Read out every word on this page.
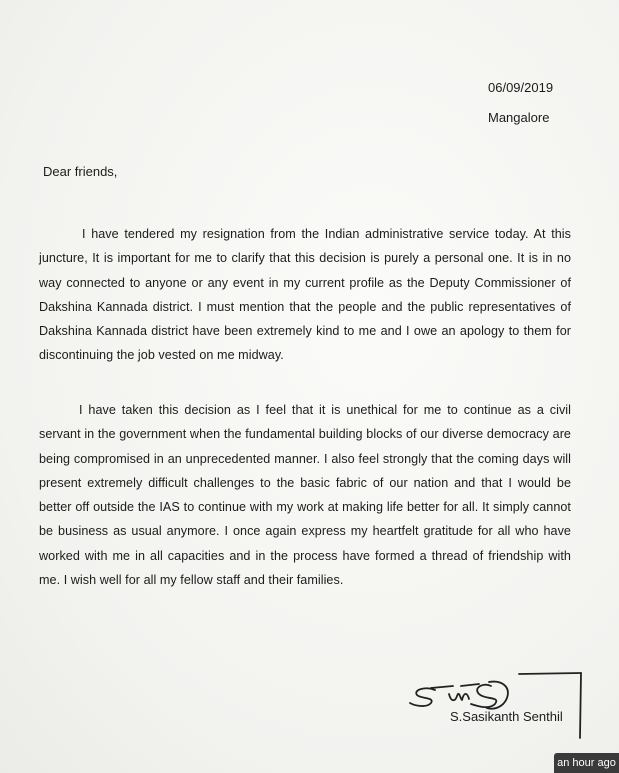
06/09/2019
Mangalore
Dear friends,

I have tendered my resignation from the Indian administrative service today. At this juncture, It is important for me to clarify that this decision is purely a personal one. It is in no way connected to anyone or any event in my current profile as the Deputy Commissioner of Dakshina Kannada district. I must mention that the people and the public representatives of Dakshina Kannada district have been extremely kind to me and I owe an apology to them for discontinuing the job vested on me midway.

I have taken this decision as I feel that it is unethical for me to continue as a civil servant in the government when the fundamental building blocks of our diverse democracy are being compromised in an unprecedented manner. I also feel strongly that the coming days will present extremely difficult challenges to the basic fabric of our nation and that I would be better off outside the IAS to continue with my work at making life better for all. It simply cannot be business as usual anymore. I once again express my heartfelt gratitude for all who have worked with me in all capacities and in the process have formed a thread of friendship with me. I wish well for all my fellow staff and their families.

S.Sasikanth Senthil
an hour ago
